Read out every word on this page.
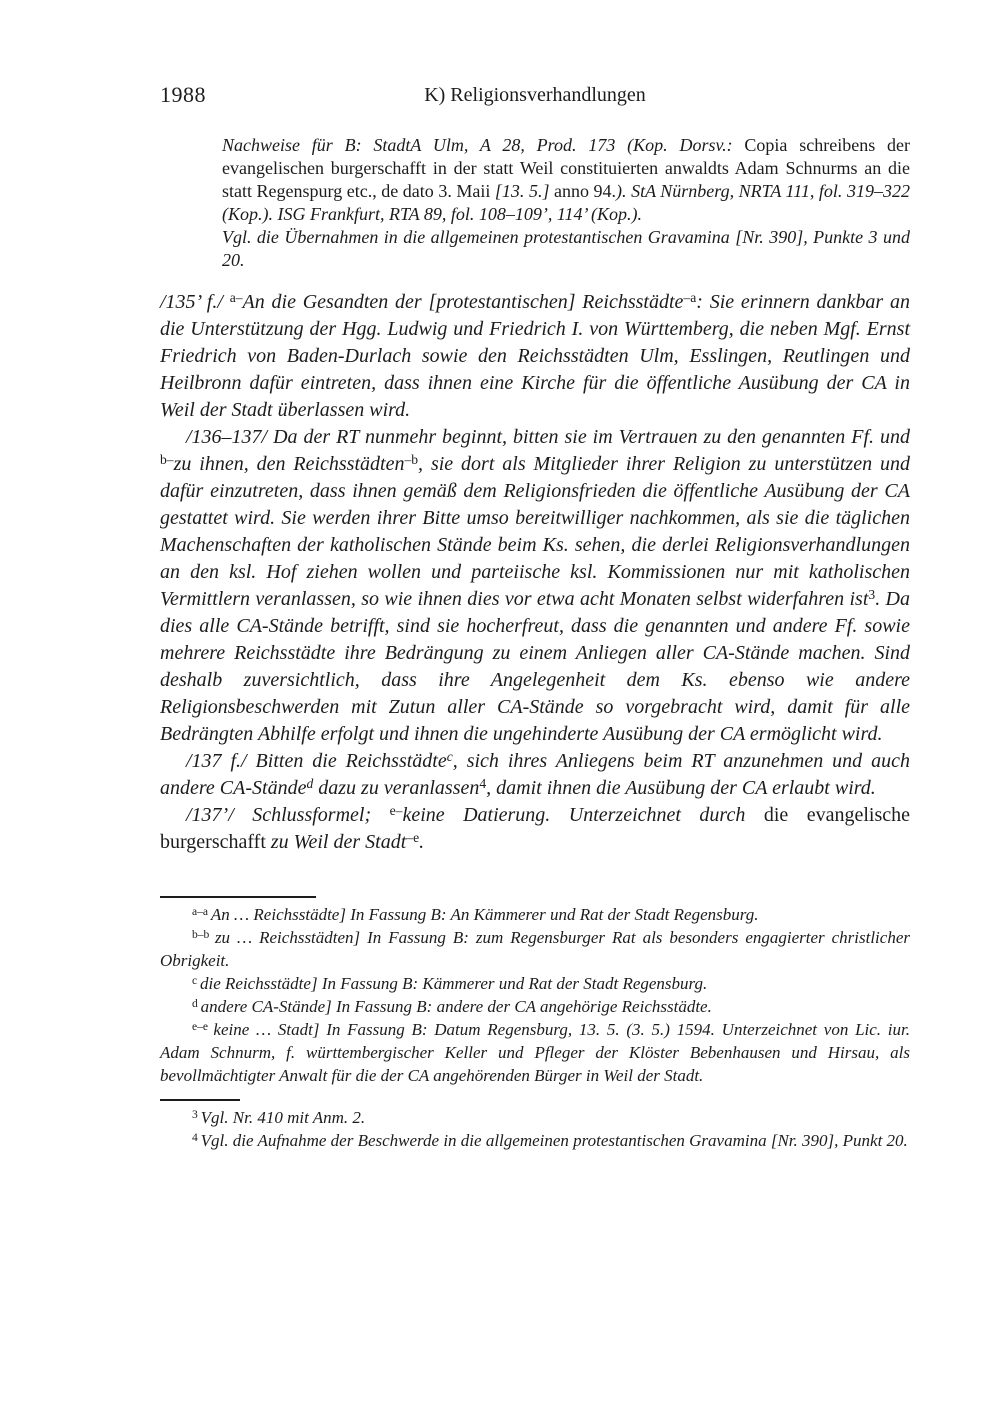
1988	K) Religionsverhandlungen
Nachweise für B: StadtA Ulm, A 28, Prod. 173 (Kop. Dorsv.: Copia schreibens der evangelischen burgerschafft in der statt Weil constituierten anwaldts Adam Schnurms an die statt Regenspurg etc., de dato 3. Maii [13. 5.] anno 94.). StA Nürnberg, NRTA 111, fol. 319–322 (Kop.). ISG Frankfurt, RTA 89, fol. 108–109’, 114’ (Kop.).
Vgl. die Übernahmen in die allgemeinen protestantischen Gravamina [Nr. 390], Punkte 3 und 20.
/135’ f./ $^{a-}$An die Gesandten der [protestantischen] Reichsstädte$^{-a}$: Sie erinnern dankbar an die Unterstützung der Hgg. Ludwig und Friedrich I. von Württemberg, die neben Mgf. Ernst Friedrich von Baden-Durlach sowie den Reichsstädten Ulm, Esslingen, Reutlingen und Heilbronn dafür eintreten, dass ihnen eine Kirche für die öffentliche Ausübung der CA in Weil der Stadt überlassen wird.
/136–137/ Da der RT nunmehr beginnt, bitten sie im Vertrauen zu den genannten Ff. und $^{b-}$zu ihnen, den Reichsstädten$^{-b}$, sie dort als Mitglieder ihrer Religion zu unterstützen und dafür einzutreten, dass ihnen gemäß dem Religionsfrieden die öffentliche Ausübung der CA gestattet wird. Sie werden ihrer Bitte umso bereitwilliger nachkommen, als sie die täglichen Machenschaften der katholischen Stände beim Ks. sehen, die derlei Religionsverhandlungen an den ksl. Hof ziehen wollen und parteiische ksl. Kommissionen nur mit katholischen Vermittlern veranlassen, so wie ihnen dies vor etwa acht Monaten selbst widerfahren ist$^3$. Da dies alle CA-Stände betrifft, sind sie hocherfreut, dass die genannten und andere Ff. sowie mehrere Reichsstädte ihre Bedrängung zu einem Anliegen aller CA-Stände machen. Sind deshalb zuversichtlich, dass ihre Angelegenheit dem Ks. ebenso wie andere Religionsbeschwerden mit Zutun aller CA-Stände so vorgebracht wird, damit für alle Bedrängten Abhilfe erfolgt und ihnen die ungehinderte Ausübung der CA ermöglicht wird.
/137 f./ Bitten die Reichsstädte$^c$, sich ihres Anliegens beim RT anzunehmen und auch andere CA-Stände$^d$ dazu zu veranlassen$^4$, damit ihnen die Ausübung der CA erlaubt wird.
/137’/ Schlussformel; $^{e-}$keine Datierung. Unterzeichnet durch die evangelische burgerschafft zu Weil der Stadt$^{-e}$.
$^{a-a}$ An … Reichsstädte] In Fassung B: An Kämmerer und Rat der Stadt Regensburg.
$^{b-b}$ zu … Reichsstädten] In Fassung B: zum Regensburger Rat als besonders engagierter christlicher Obrigkeit.
$^c$ die Reichsstädte] In Fassung B: Kämmerer und Rat der Stadt Regensburg.
$^d$ andere CA-Stände] In Fassung B: andere der CA angehörige Reichsstädte.
$^{e-e}$ keine … Stadt] In Fassung B: Datum Regensburg, 13. 5. (3. 5.) 1594. Unterzeichnet von Lic. iur. Adam Schnurm, f. württembergischer Keller und Pfleger der Klöster Bebenhausen und Hirsau, als bevollmächtigter Anwalt für die der CA angehörenden Bürger in Weil der Stadt.
$^3$ Vgl. Nr. 410 mit Anm. 2.
$^4$ Vgl. die Aufnahme der Beschwerde in die allgemeinen protestantischen Gravamina [Nr. 390], Punkt 20.
